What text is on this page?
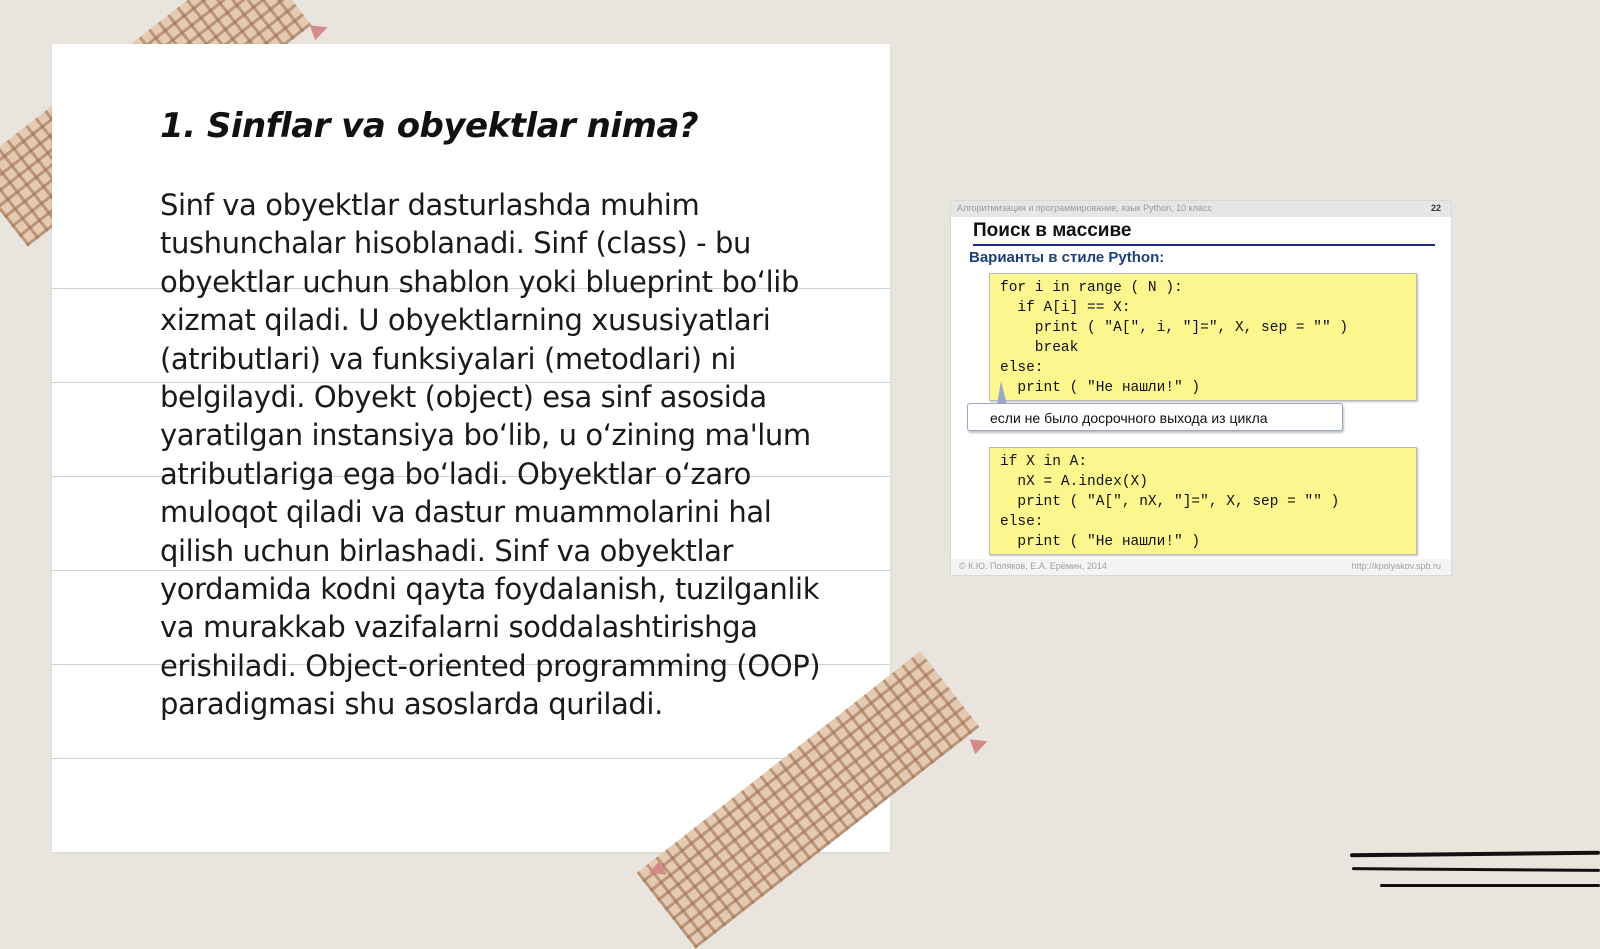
1. Sinflar va obyektlar nima?

Sinf va obyektlar dasturlashda muhim tushunchalar hisoblanadi. Sinf (class) - bu obyektlar uchun shablon yoki blueprint bo‘lib xizmat qiladi. U obyektlarning xususiyatlari (atributlari) va funksiyalari (metodlari) ni belgilaydi. Obyekt (object) esa sinf asosida yaratilgan instansiya bo‘lib, u o‘zining ma'lum atributlariga ega bo‘ladi. Obyektlar o‘zaro muloqot qiladi va dastur muammolarini hal qilish uchun birlashadi. Sinf va obyektlar yordamida kodni qayta foydalanish, tuzilganlik va murakkab vazifalarni soddalashtirishga erishiladi. Object-oriented programming (OOP) paradigmasi shu asoslarda quriladi.

Алгоритмизация и программирование, язык Python, 10 класс	22
Поиск в массиве
Варианты в стиле Python:
for i in range ( N ):
if A[i] == X:
print ( "A[", i, "]=", X, sep = "" )
break
else:
print ( "Не нашли!" )
если не было досрочного выхода из цикла
if X in A:
nX = A.index(X)
print ( "A[", nX, "]=", X, sep = "" )
else:
print ( "Не нашли!" )
© К.Ю. Поляков, Е.А. Ерёмин, 2014	http://kpolyakov.spb.ru
